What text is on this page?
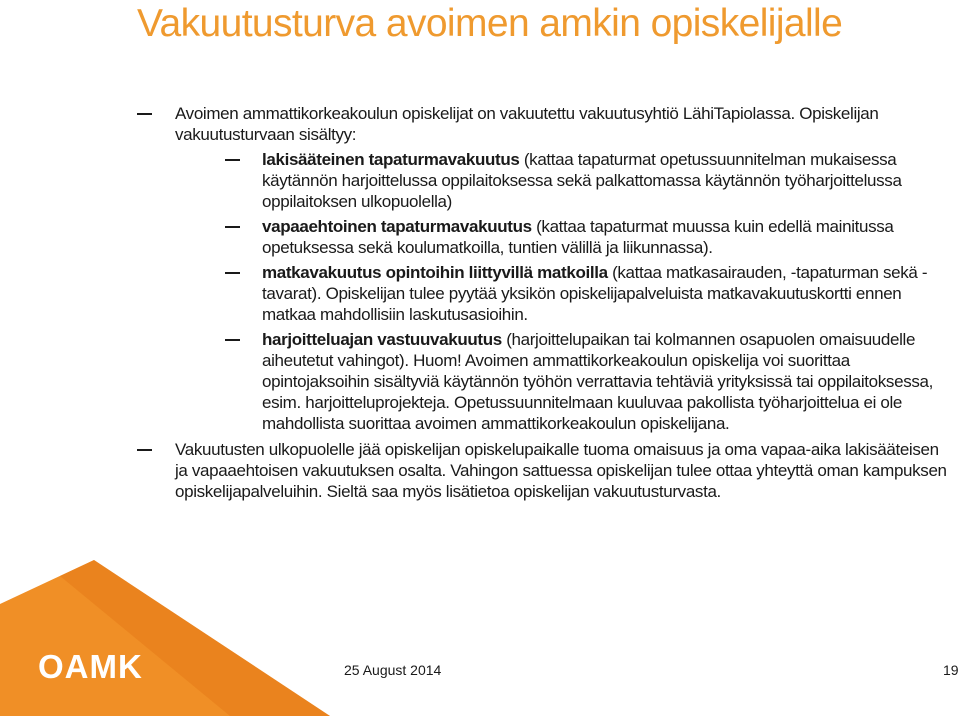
Vakuutusturva avoimen amkin opiskelijalle
Avoimen ammattikorkeakoulun opiskelijat on vakuutettu vakuutusyhtiö LähiTapiolassa. Opiskelijan vakuutusturvaan sisältyy:
lakisääteinen tapaturmavakuutus (kattaa tapaturmat opetussuunnitelman mukaisessa käytännön harjoittelussa oppilaitoksessa sekä palkattomassa käytännön työharjoittelussa oppilaitoksen ulkopuolella)
vapaaehtoinen tapaturmavakuutus (kattaa tapaturmat muussa kuin edellä mainitussa opetuksessa sekä koulumatkoilla, tuntien välillä ja liikunnassa).
matkavakuutus opintoihin liittyvillä matkoilla (kattaa matkasairauden, -tapaturman sekä -tavarat). Opiskelijan tulee pyytää yksikön opiskelijapalveluista matkavakuutuskortti ennen matkaa mahdollisiin laskutusasioihin.
harjoitteluajan vastuuvakuutus (harjoittelupaikan tai kolmannen osapuolen omaisuudelle aiheutetut vahingot). Huom! Avoimen ammattikorkeakoulun opiskelija voi suorittaa opintojaksoihin sisältyviä käytännön työhön verrattavia tehtäviä yrityksissä tai oppilaitoksessa, esim. harjoitteluprojekteja. Opetussuunnitelmaan kuuluvaa pakollista työharjoittelua ei ole mahdollista suorittaa avoimen ammattikorkeakoulun opiskelijana.
Vakuutusten ulkopuolelle jää opiskelijan opiskelupaikalle tuoma omaisuus ja oma vapaa-aika lakisääteisen ja vapaaehtoisen vakuutuksen osalta. Vahingon sattuessa opiskelijan tulee ottaa yhteyttä oman kampuksen opiskelijapalveluihin. Sieltä saa myös lisätietoa opiskelijan vakuutusturvasta.
OAMK	25 August 2014	19
